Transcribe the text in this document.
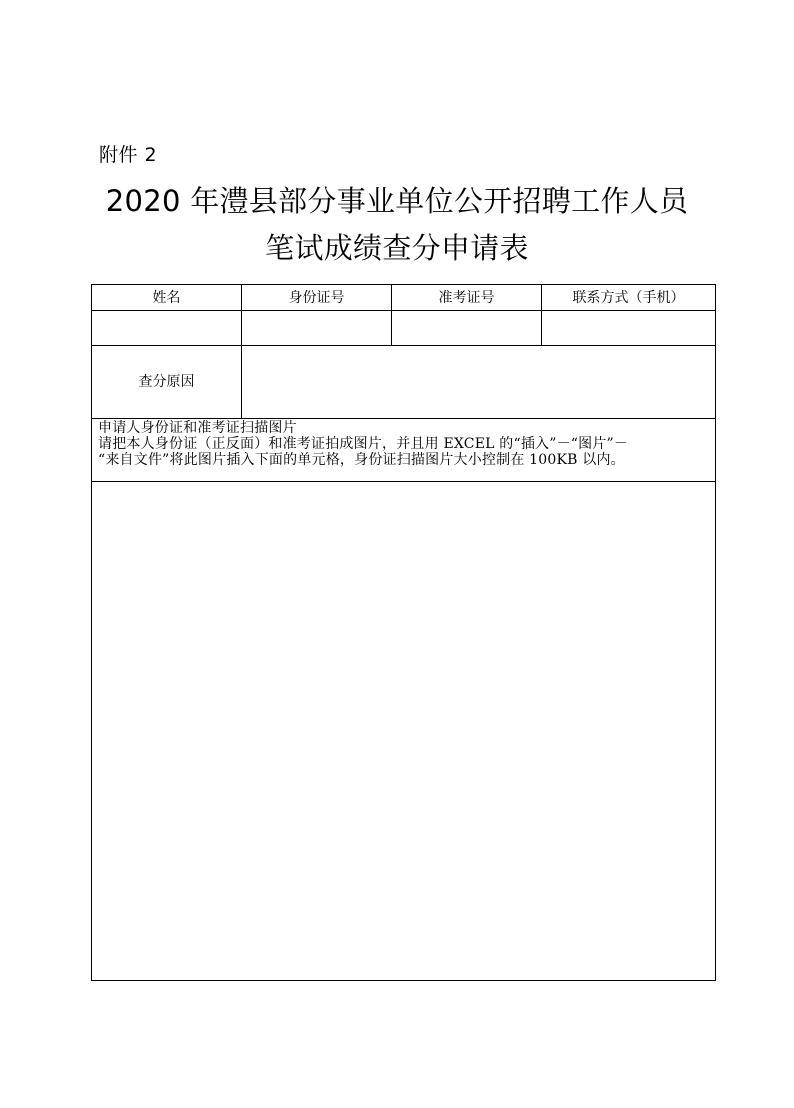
附件 2
2020 年澧县部分事业单位公开招聘工作人员
笔试成绩查分申请表
姓名	身份证号	准考证号	联系方式（手机）
查分原因
申请人身份证和准考证扫描图片
请把本人身份证（正反面）和准考证拍成图片，并且用 EXCEL 的“插入”－“图片”－
“来自文件”将此图片插入下面的单元格，身份证扫描图片大小控制在 100KB 以内。
